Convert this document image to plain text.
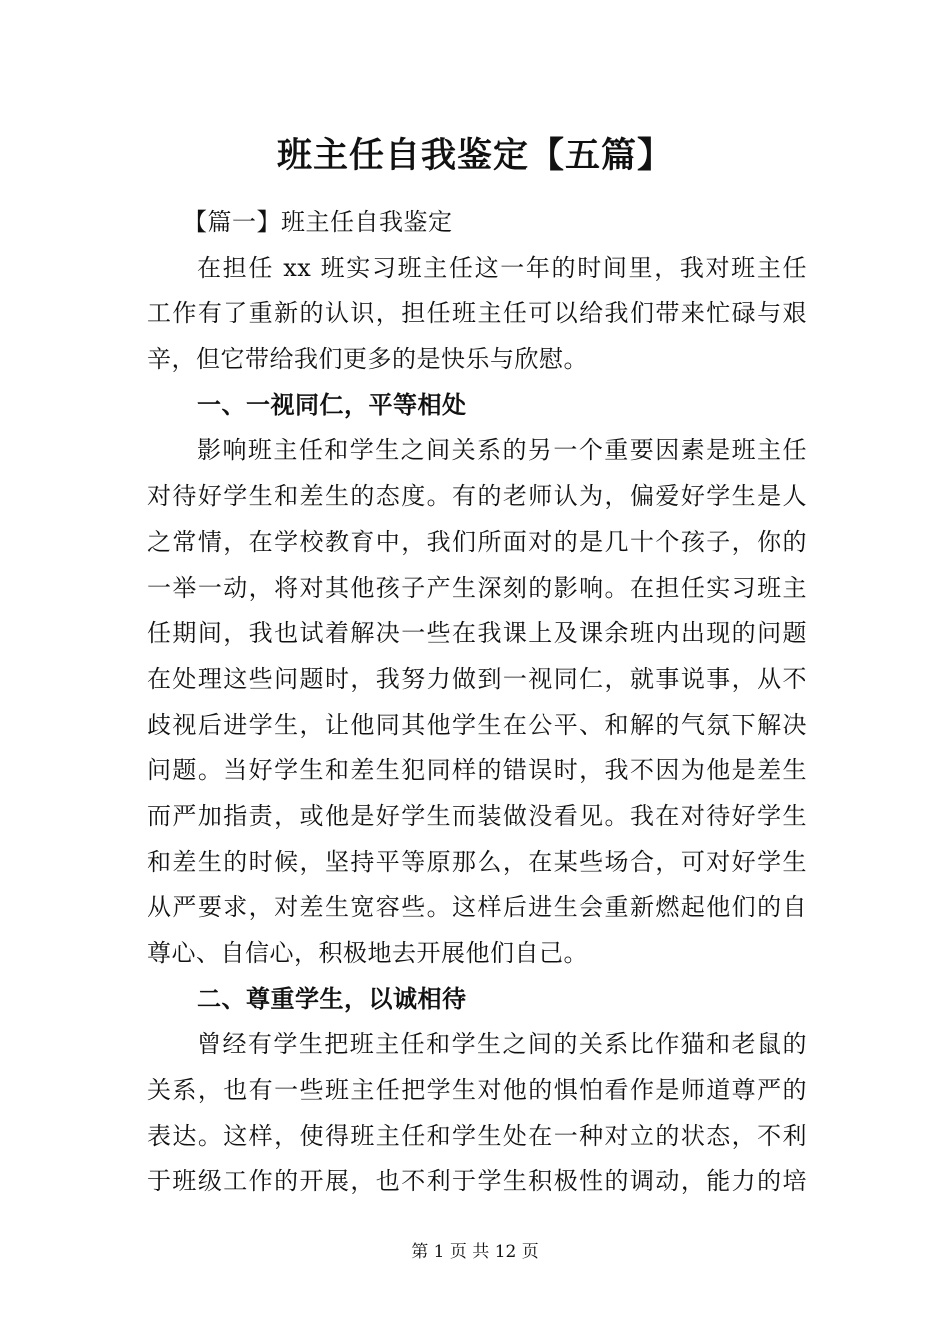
班主任自我鉴定【五篇】
【篇一】班主任自我鉴定
在担任 xx 班实习班主任这一年的时间里，我对班主任
工作有了重新的认识，担任班主任可以给我们带来忙碌与艰
辛，但它带给我们更多的是快乐与欣慰。
一、一视同仁，平等相处
影响班主任和学生之间关系的另一个重要因素是班主任
对待好学生和差生的态度。有的老师认为，偏爱好学生是人
之常情，在学校教育中，我们所面对的是几十个孩子，你的
一举一动，将对其他孩子产生深刻的影响。在担任实习班主
任期间，我也试着解决一些在我课上及课余班内出现的问题
在处理这些问题时，我努力做到一视同仁，就事说事，从不
歧视后进学生，让他同其他学生在公平、和解的气氛下解决
问题。当好学生和差生犯同样的错误时，我不因为他是差生
而严加指责，或他是好学生而装做没看见。我在对待好学生
和差生的时候，坚持平等原那么，在某些场合，可对好学生
从严要求，对差生宽容些。这样后进生会重新燃起他们的自
尊心、自信心，积极地去开展他们自己。
二、尊重学生，以诚相待
曾经有学生把班主任和学生之间的关系比作猫和老鼠的
关系，也有一些班主任把学生对他的惧怕看作是师道尊严的
表达。这样，使得班主任和学生处在一种对立的状态，不利
于班级工作的开展，也不利于学生积极性的调动，能力的培
第 1 页 共 12 页
